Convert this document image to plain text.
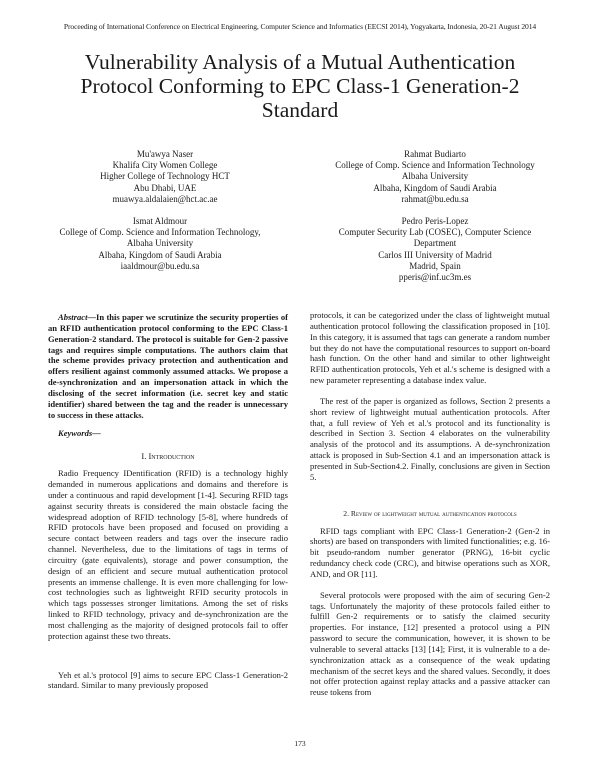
Proceeding of International Conference on Electrical Engineering, Computer Science and Informatics (EECSI 2014), Yogyakarta, Indonesia, 20-21 August 2014
Vulnerability Analysis of a Mutual Authentication
Protocol Conforming to EPC Class-1 Generation-2
Standard
Mu'awya Naser
Khalifa City Women College
Higher College of Technology HCT
Abu Dhabi, UAE
muawya.aldalaien@hct.ac.ae
Rahmat Budiarto
College of Comp. Science and Information Technology
Albaha University
Albaha, Kingdom of Saudi Arabia
rahmat@bu.edu.sa
Ismat Aldmour
College of Comp. Science and Information Technology,
Albaha University
Albaha, Kingdom of Saudi Arabia
iaaldmour@bu.edu.sa
Pedro Peris-Lopez
Computer Security Lab (COSEC), Computer Science
Department
Carlos III University of Madrid
Madrid, Spain
pperis@inf.uc3m.es

Abstract—In this paper we scrutinize the security properties of an RFID authentication protocol conforming to the EPC Class-1 Generation-2 standard. The protocol is suitable for Gen-2 passive tags and requires simple computations. The authors claim that the scheme provides privacy protection and authentication and offers resilient against commonly assumed attacks. We propose a de-synchronization and an impersonation attack in which the disclosing of the secret information (i.e. secret key and static identifier) shared between the tag and the reader is unnecessary to success in these attacks.

Keywords—

I. Introduction

Radio Frequency IDentification (RFID) is a technology highly demanded in numerous applications and domains and therefore is under a continuous and rapid development [1-4]. Securing RFID tags against security threats is considered the main obstacle facing the widespread adoption of RFID technology [5-8], where hundreds of RFID protocols have been proposed and focused on providing a secure contact between readers and tags over the insecure radio channel. Nevertheless, due to the limitations of tags in terms of circuitry (gate equivalents), storage and power consumption, the design of an efficient and secure mutual authentication protocol presents an immense challenge. It is even more challenging for low-cost technologies such as lightweight RFID security protocols in which tags possesses stronger limitations. Among the set of risks linked to RFID technology, privacy and de-synchronization are the most challenging as the majority of designed protocols fail to offer protection against these two threats.

Yeh et al.'s protocol [9] aims to secure EPC Class-1 Generation-2 standard. Similar to many previously proposed

protocols, it can be categorized under the class of lightweight mutual authentication protocol following the classification proposed in [10]. In this category, it is assumed that tags can generate a random number but they do not have the computational resources to support on-board hash function. On the other hand and similar to other lightweight RFID authentication protocols, Yeh et al.'s scheme is designed with a new parameter representing a database index value.

The rest of the paper is organized as follows, Section 2 presents a short review of lightweight mutual authentication protocols. After that, a full review of Yeh et al.'s protocol and its functionality is described in Section 3. Section 4 elaborates on the vulnerability analysis of the protocol and its assumptions. A de-synchronization attack is proposed in Sub-Section 4.1 and an impersonation attack is presented in Sub-Section4.2. Finally, conclusions are given in Section 5.

2. Review of lightweight mutual authentication protocols

RFID tags compliant with EPC Class-1 Generation-2 (Gen-2 in shorts) are based on transponders with limited functionalities; e.g. 16-bit pseudo-random number generator (PRNG), 16-bit cyclic redundancy check code (CRC), and bitwise operations such as XOR, AND, and OR [11].

Several protocols were proposed with the aim of securing Gen-2 tags. Unfortunately the majority of these protocols failed either to fulfill Gen-2 requirements or to satisfy the claimed security properties. For instance, [12] presented a protocol using a PIN password to secure the communication, however, it is shown to be vulnerable to several attacks [13] [14]; First, it is vulnerable to a de-synchronization attack as a consequence of the weak updating mechanism of the secret keys and the shared values. Secondly, it does not offer protection against replay attacks and a passive attacker can reuse tokens from

173
